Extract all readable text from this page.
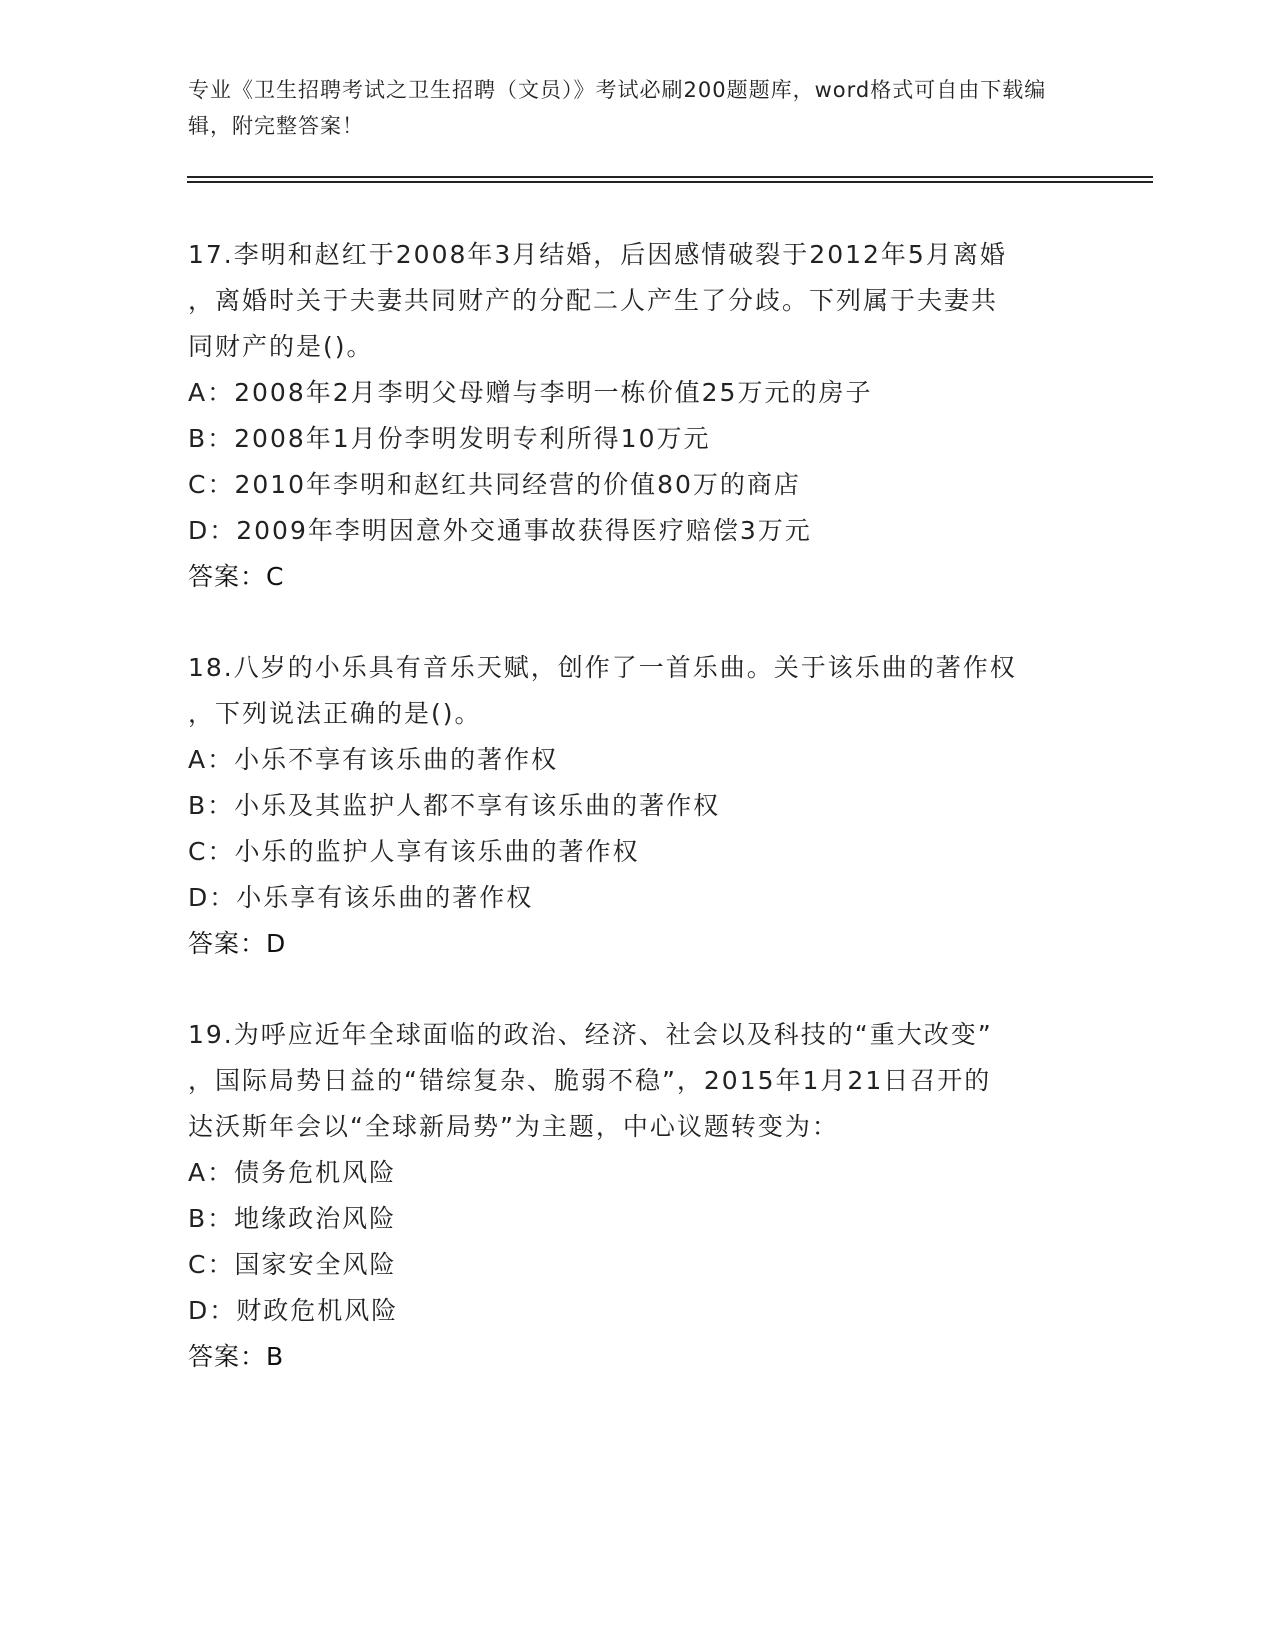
专业《卫生招聘考试之卫生招聘（文员）》考试必刷200题题库，word格式可自由下载编辑，附完整答案！
17.李明和赵红于2008年3月结婚，后因感情破裂于2012年5月离婚
，离婚时关于夫妻共同财产的分配二人产生了分歧。下列属于夫妻共
同财产的是()。
A：2008年2月李明父母赠与李明一栋价值25万元的房子
B：2008年1月份李明发明专利所得10万元
C：2010年李明和赵红共同经营的价值80万的商店
D：2009年李明因意外交通事故获得医疗赔偿3万元
答案：C
18.八岁的小乐具有音乐天赋，创作了一首乐曲。关于该乐曲的著作权
，下列说法正确的是()。
A：小乐不享有该乐曲的著作权
B：小乐及其监护人都不享有该乐曲的著作权
C：小乐的监护人享有该乐曲的著作权
D：小乐享有该乐曲的著作权
答案：D
19.为呼应近年全球面临的政治、经济、社会以及科技的“重大改变”
，国际局势日益的“错综复杂、脆弱不稳”，2015年1月21日召开的
达沃斯年会以“全球新局势”为主题，中心议题转变为：
A：债务危机风险
B：地缘政治风险
C：国家安全风险
D：财政危机风险
答案：B
